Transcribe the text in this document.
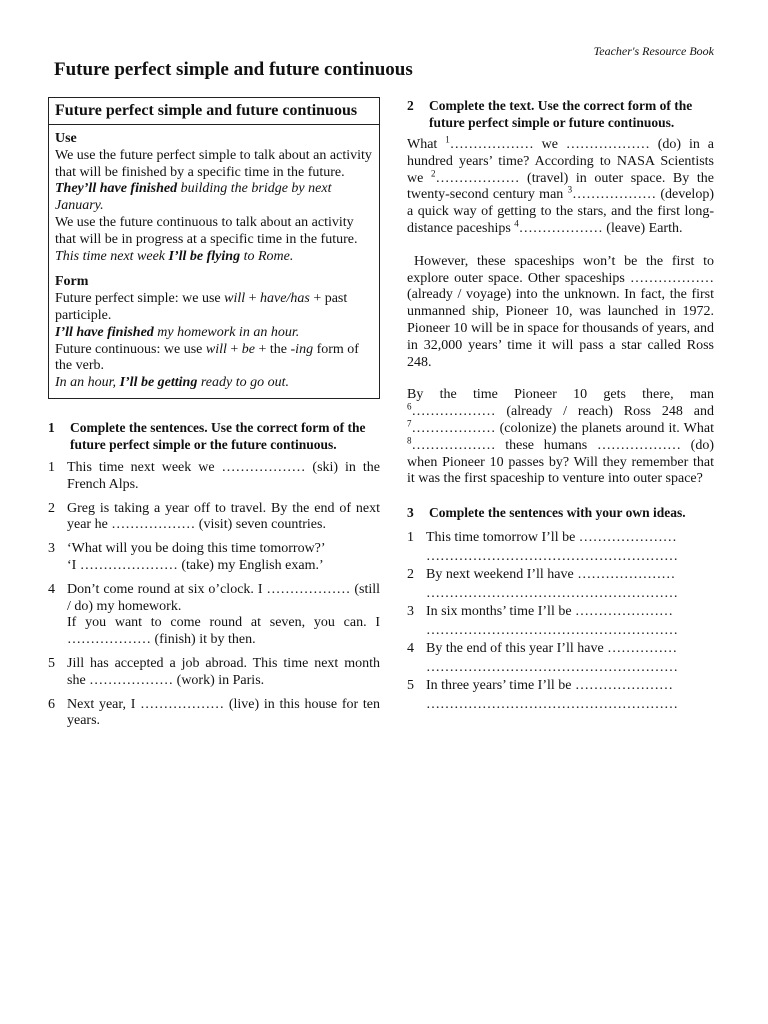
Teacher's Resource Book
Future perfect simple and future continuous
Future perfect simple and future continuous
Use

We use the future perfect simple to talk about an activity that will be finished by a specific time in the future.

They’ll have finished building the bridge by next January.

We use the future continuous to talk about an activity that will be in progress at a specific time in the future.

This time next week I’ll be flying to Rome.

Form

Future perfect simple: we use will + have/has + past participle.

I’ll have finished my homework in an hour.

Future continuous: we use will + be + the -ing form of the verb.

In an hour, I’ll be getting ready to go out.

1	Complete the sentences. Use the correct form of the future perfect simple or the future continuous.
1 This time next week we ……………… (ski) in the French Alps.
2 Greg is taking a year off to travel. By the end of next year he ……………… (visit) seven countries.
3 ‘What will you be doing this time tomorrow?’
‘I ………………… (take) my English exam.’
4 Don’t come round at six o’clock. I ……………… (still / do) my homework.
If you want to come round at seven, you can. I ……………… (finish) it by then.
5 Jill has accepted a job abroad. This time next month she ……………… (work) in Paris.
6 Next year, I ……………… (live) in this house for ten years.
2	Complete the text. Use the correct form of the future perfect simple or future continuous.

What $^1$……………… we ……………… (do) in a hundred years’ time? According to NASA Scientists we $^2$……………… (travel) in outer space. By the twenty-second century man $^3$……………… (develop) a quick way of getting to the stars, and the first long-distance paceships $^4$……………… (leave) Earth.

However, these spaceships won’t be the first to explore outer space. Other spaceships ……………… (already / voyage) into the unknown. In fact, the first unmanned ship, Pioneer 10, was launched in 1972. Pioneer 10 will be in space for thousands of years, and in 32,000 years’ time it will pass a star called Ross 248.

By the time Pioneer 10 gets there, man $^6$……………… (already / reach) Ross 248 and $^7$……………… (colonize) the planets around it. What $^8$……………… these humans ……………… (do) when Pioneer 10 passes by? Will they remember that it was the first spaceship to venture into outer space?

3	Complete the sentences with your own ideas.
1 This time tomorrow I’ll be …………………
………………………………………………
2 By next weekend I’ll have …………………
………………………………………………
3 In six months’ time I’ll be …………………
………………………………………………
4 By the end of this year I’ll have ……………
………………………………………………
5 In three years’ time I’ll be …………………
………………………………………………
